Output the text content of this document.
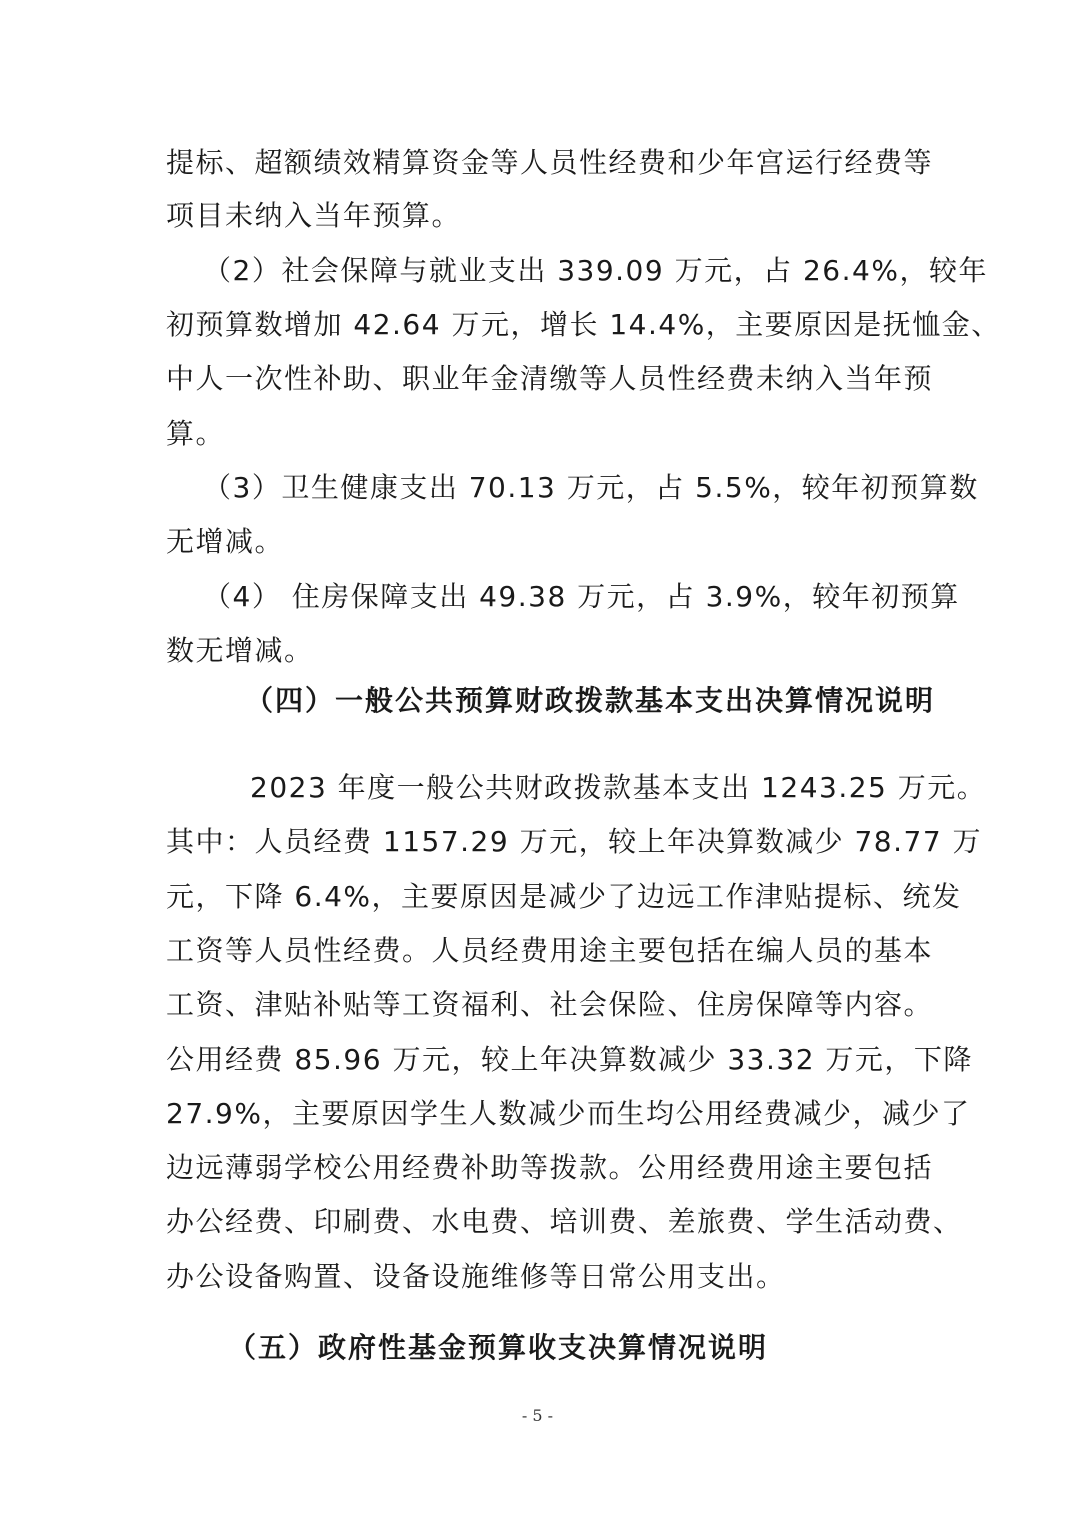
提标、超额绩效精算资金等人员性经费和少年宫运行经费等
项目未纳入当年预算。
（2）社会保障与就业支出 339.09 万元，占 26.4%，较年
初预算数增加 42.64 万元，增长 14.4%，主要原因是抚恤金、
中人一次性补助、职业年金清缴等人员性经费未纳入当年预
算。
（3）卫生健康支出 70.13 万元，占 5.5%，较年初预算数
无增减。
（4） 住房保障支出 49.38 万元，占 3.9%，较年初预算
数无增减。
（四）一般公共预算财政拨款基本支出决算情况说明
2023 年度一般公共财政拨款基本支出 1243.25 万元。
其中：人员经费 1157.29 万元，较上年决算数减少 78.77 万
元，下降 6.4%，主要原因是减少了边远工作津贴提标、统发
工资等人员性经费。人员经费用途主要包括在编人员的基本
工资、津贴补贴等工资福利、社会保险、住房保障等内容。
公用经费 85.96 万元，较上年决算数减少 33.32 万元，下降
27.9%，主要原因学生人数减少而生均公用经费减少，减少了
边远薄弱学校公用经费补助等拨款。公用经费用途主要包括
办公经费、印刷费、水电费、培训费、差旅费、学生活动费、
办公设备购置、设备设施维修等日常公用支出。
（五）政府性基金预算收支决算情况说明
- 5 -
